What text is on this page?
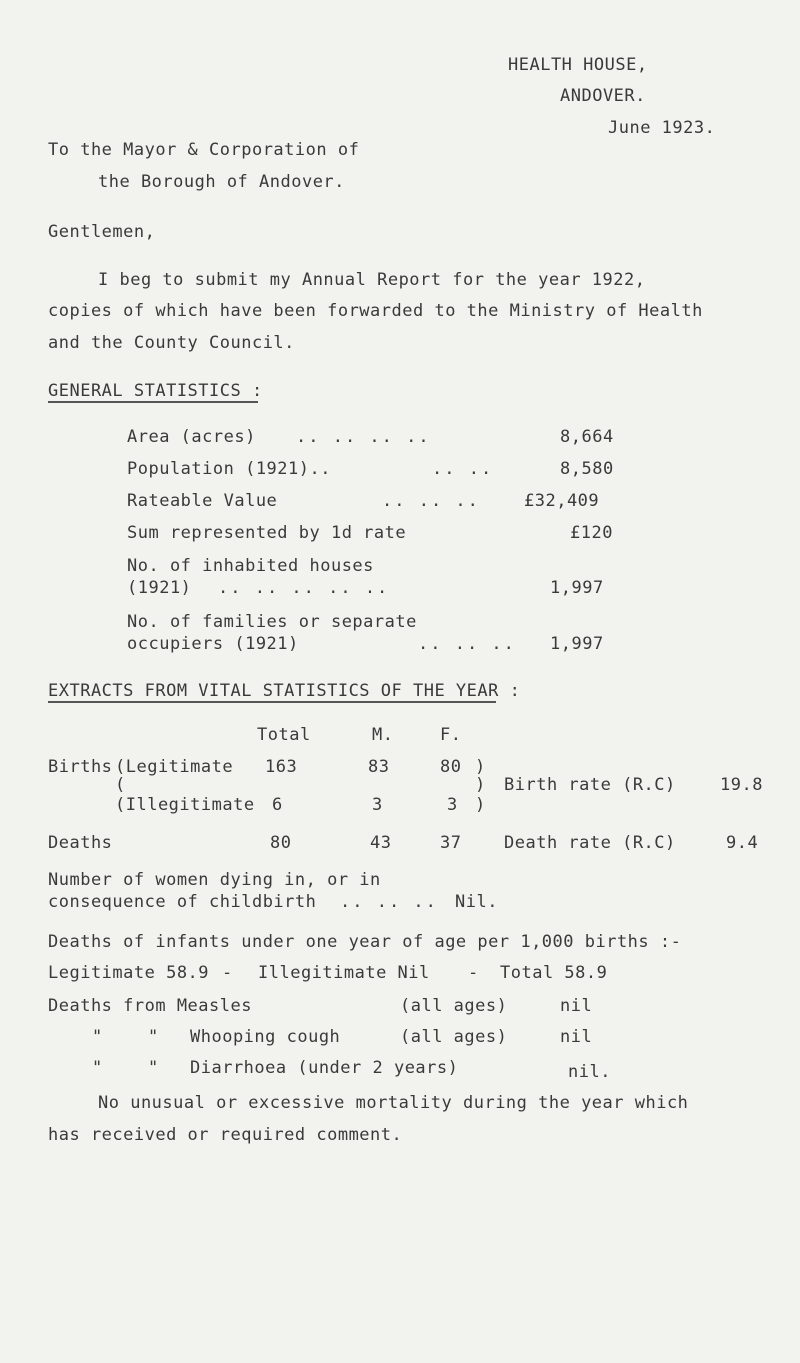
HEALTH HOUSE,
ANDOVER.
June 1923.
To the Mayor & Corporation of
the Borough of Andover.
Gentlemen,
I beg to submit my Annual Report for the year 1922,
copies of which have been forwarded to the Ministry of Health
and the County Council.
GENERAL STATISTICS :
Area (acres) .. .. .. ..	8,664
Population (1921)..	.. ..	8,580
Rateable Value	.. .. ..	£32,409
Sum represented by 1d rate	£120
No. of inhabited houses
(1921) .. .. .. .. ..	1,997
No. of families or separate
occupiers (1921)	.. .. .. 1,997
EXTRACTS FROM VITAL STATISTICS OF THE YEAR :
Total	M.	F.
Births (Legitimate 163	83	80 )
(	) Birth rate (R.C)	19.8
(Illegitimate 6	3	3 )
Deaths	80	43	37	Death rate (R.C)	9.4
Number of women dying in, or in
consequence of childbirth .. .. .. Nil.
Deaths of infants under one year of age per 1,000 births :-
Legitimate 58.9 - Illegitimate Nil - Total 58.9
Deaths from Measles	(all ages)	nil
"	" Whooping cough	(all ages)	nil
"	" Diarrhoea (under 2 years)	nil.
No unusual or excessive mortality during the year which
has received or required comment.
